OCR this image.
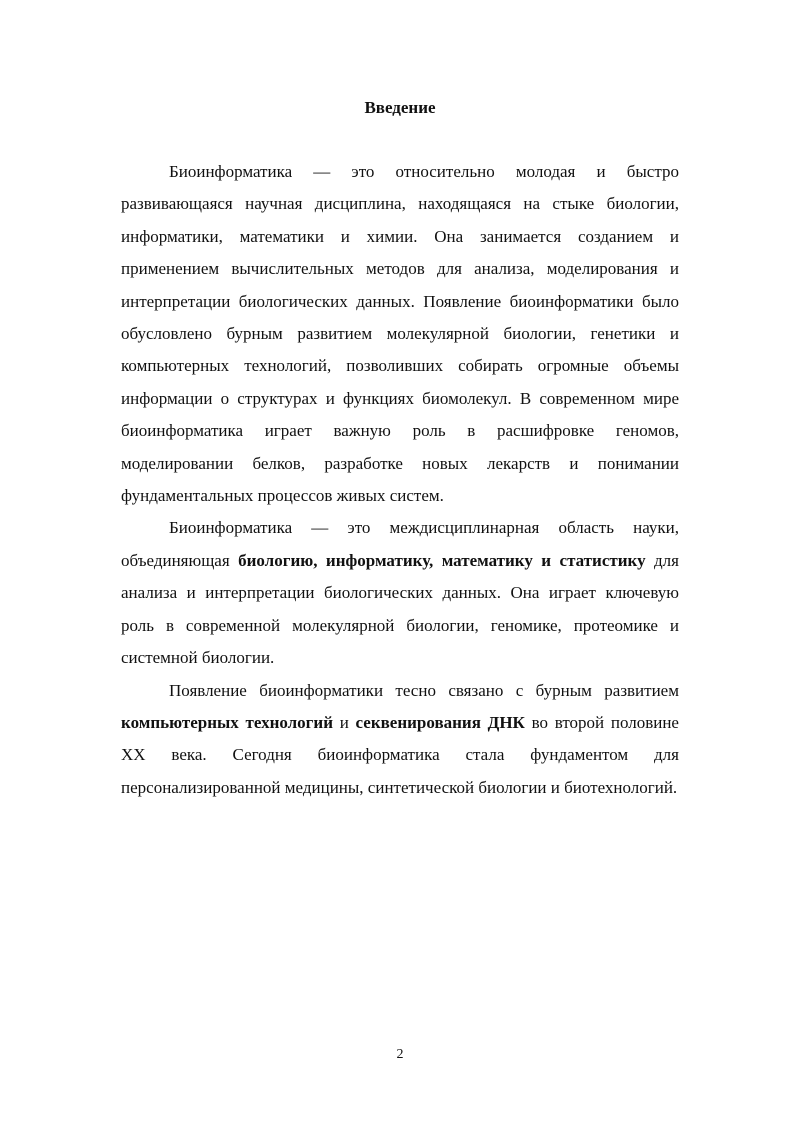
Введение

Биоинформатика — это относительно молодая и быстро развивающаяся научная дисциплина, находящаяся на стыке биологии, информатики, математики и химии. Она занимается созданием и применением вычислительных методов для анализа, моделирования и интерпретации биологических данных. Появление биоинформатики было обусловлено бурным развитием молекулярной биологии, генетики и компьютерных технологий, позволивших собирать огромные объемы информации о структурах и функциях биомолекул. В современном мире биоинформатика играет важную роль в расшифровке геномов, моделировании белков, разработке новых лекарств и понимании фундаментальных процессов живых систем.

Биоинформатика — это междисциплинарная область науки, объединяющая биологию, информатику, математику и статистику для анализа и интерпретации биологических данных. Она играет ключевую роль в современной молекулярной биологии, геномике, протеомике и системной биологии.

Появление биоинформатики тесно связано с бурным развитием компьютерных технологий и секвенирования ДНК во второй половине XX века. Сегодня биоинформатика стала фундаментом для персонализированной медицины, синтетической биологии и биотехнологий.

2
